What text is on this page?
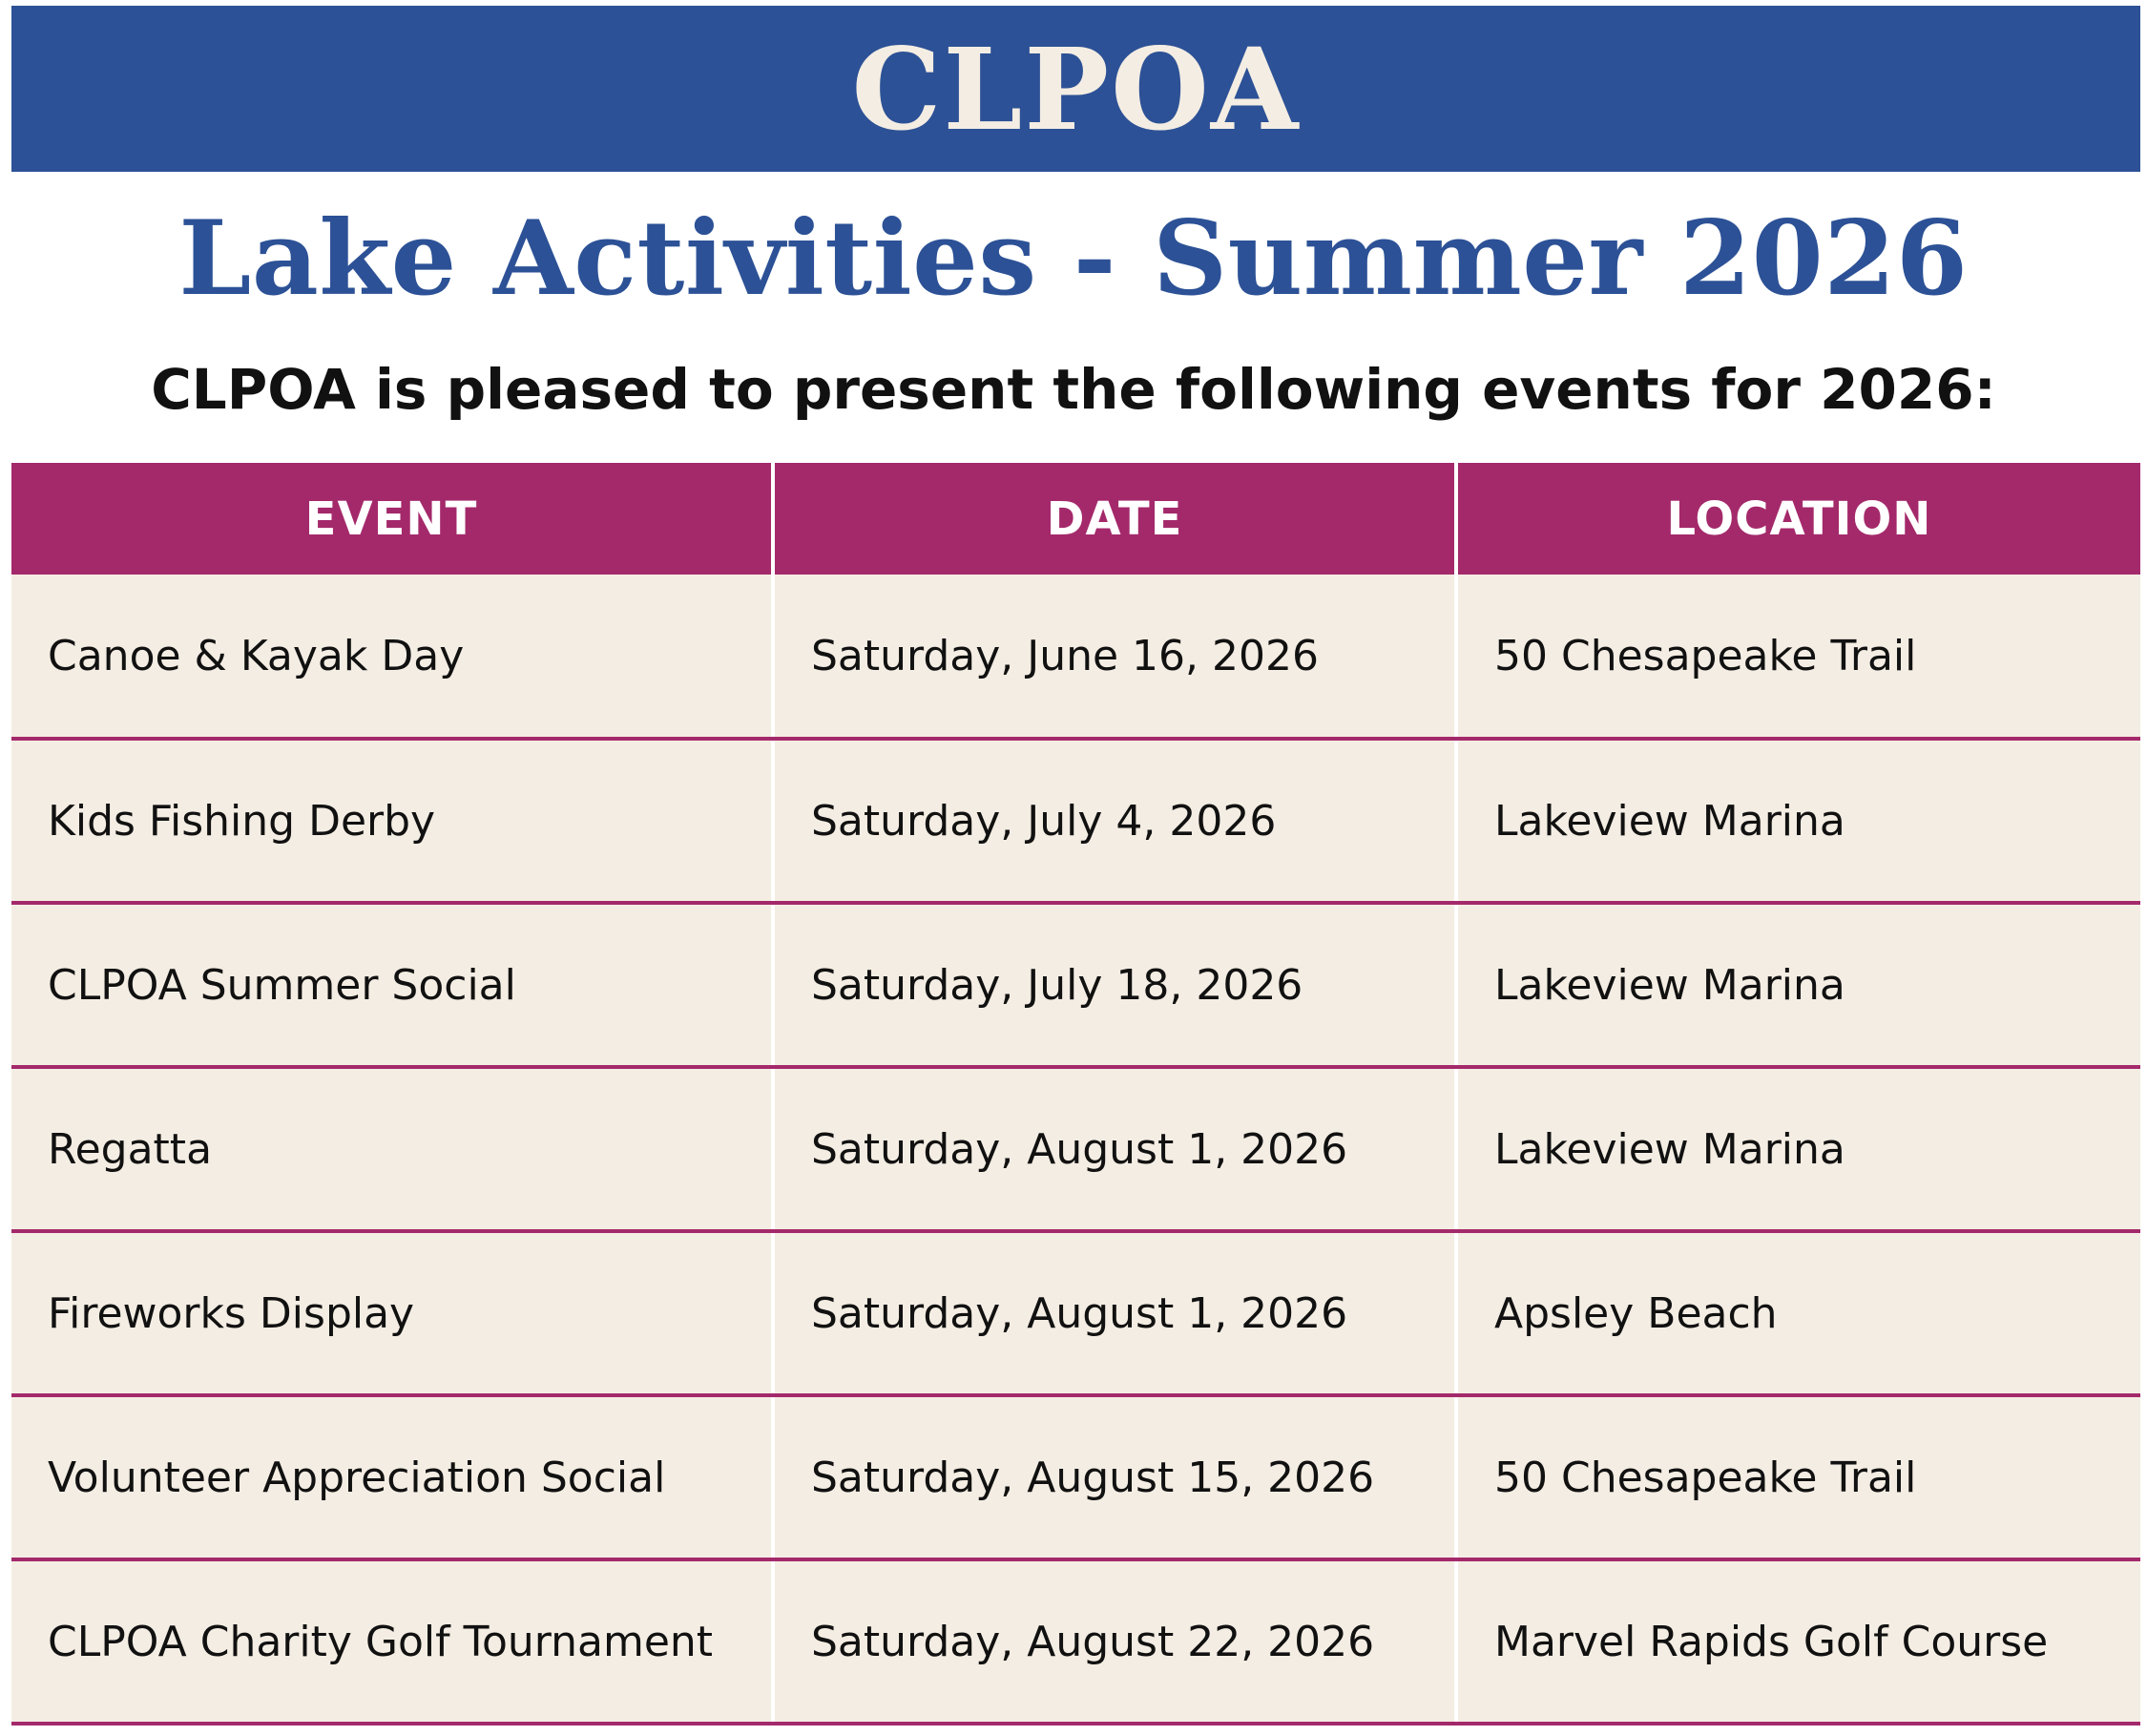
CLPOA
Lake Activities - Summer 2026
CLPOA is pleased to present the following events for 2026:
EVENT	DATE	LOCATION
Canoe & Kayak Day	Saturday, June 16, 2026	50 Chesapeake Trail
Kids Fishing Derby	Saturday, July 4, 2026	Lakeview Marina
CLPOA Summer Social	Saturday, July 18, 2026	Lakeview Marina
Regatta	Saturday, August 1, 2026	Lakeview Marina
Fireworks Display	Saturday, August 1, 2026	Apsley Beach
Volunteer Appreciation Social	Saturday, August 15, 2026	50 Chesapeake Trail
CLPOA Charity Golf Tournament	Saturday, August 22, 2026	Marvel Rapids Golf Course
